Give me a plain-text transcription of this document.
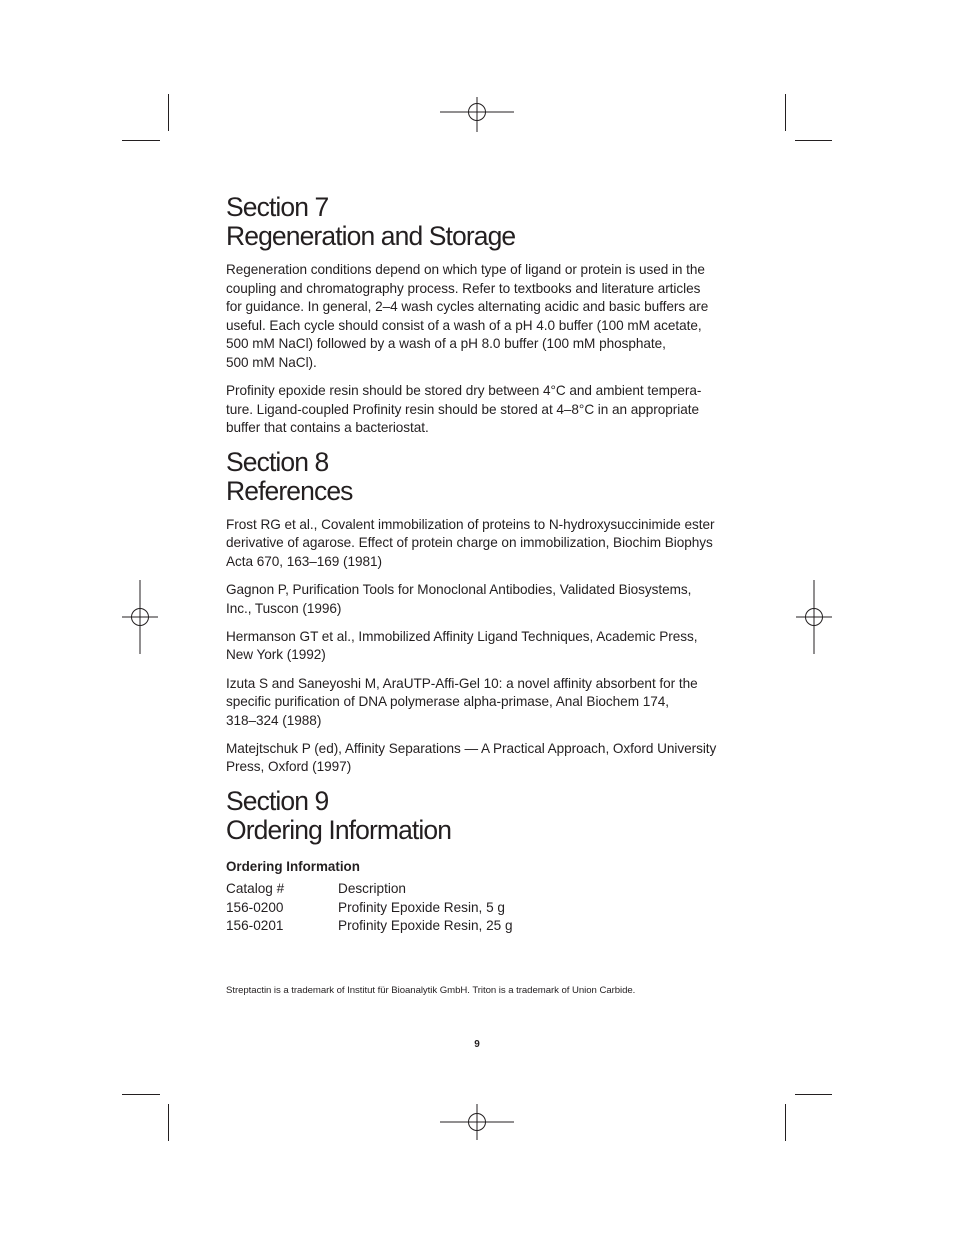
Section 7
Regeneration and Storage

Regeneration conditions depend on which type of ligand or protein is used in the
coupling and chromatography process. Refer to textbooks and literature articles
for guidance. In general, 2–4 wash cycles alternating acidic and basic buffers are
useful. Each cycle should consist of a wash of a pH 4.0 buffer (100 mM acetate,
500 mM NaCl) followed by a wash of a pH 8.0 buffer (100 mM phosphate,
500 mM NaCl).

Profinity epoxide resin should be stored dry between 4°C and ambient tempera-
ture. Ligand-coupled Profinity resin should be stored at 4–8°C in an appropriate
buffer that contains a bacteriostat.

Section 8
References

Frost RG et al., Covalent immobilization of proteins to N-hydroxysuccinimide ester
derivative of agarose. Effect of protein charge on immobilization, Biochim Biophys
Acta 670, 163–169 (1981)

Gagnon P, Purification Tools for Monoclonal Antibodies, Validated Biosystems,
Inc., Tuscon (1996)

Hermanson GT et al., Immobilized Affinity Ligand Techniques, Academic Press,
New York (1992)

Izuta S and Saneyoshi M, AraUTP-Affi-Gel 10: a novel affinity absorbent for the
specific purification of DNA polymerase alpha-primase, Anal Biochem 174,
318–324 (1988)

Matejtschuk P (ed), Affinity Separations — A Practical Approach, Oxford University
Press, Oxford (1997)

Section 9
Ordering Information
Ordering Information
Catalog #	Description
156-0200	Profinity Epoxide Resin, 5 g
156-0201	Profinity Epoxide Resin, 25 g
Streptactin is a trademark of Institut für Bioanalytik GmbH. Triton is a trademark of Union Carbide.
9
